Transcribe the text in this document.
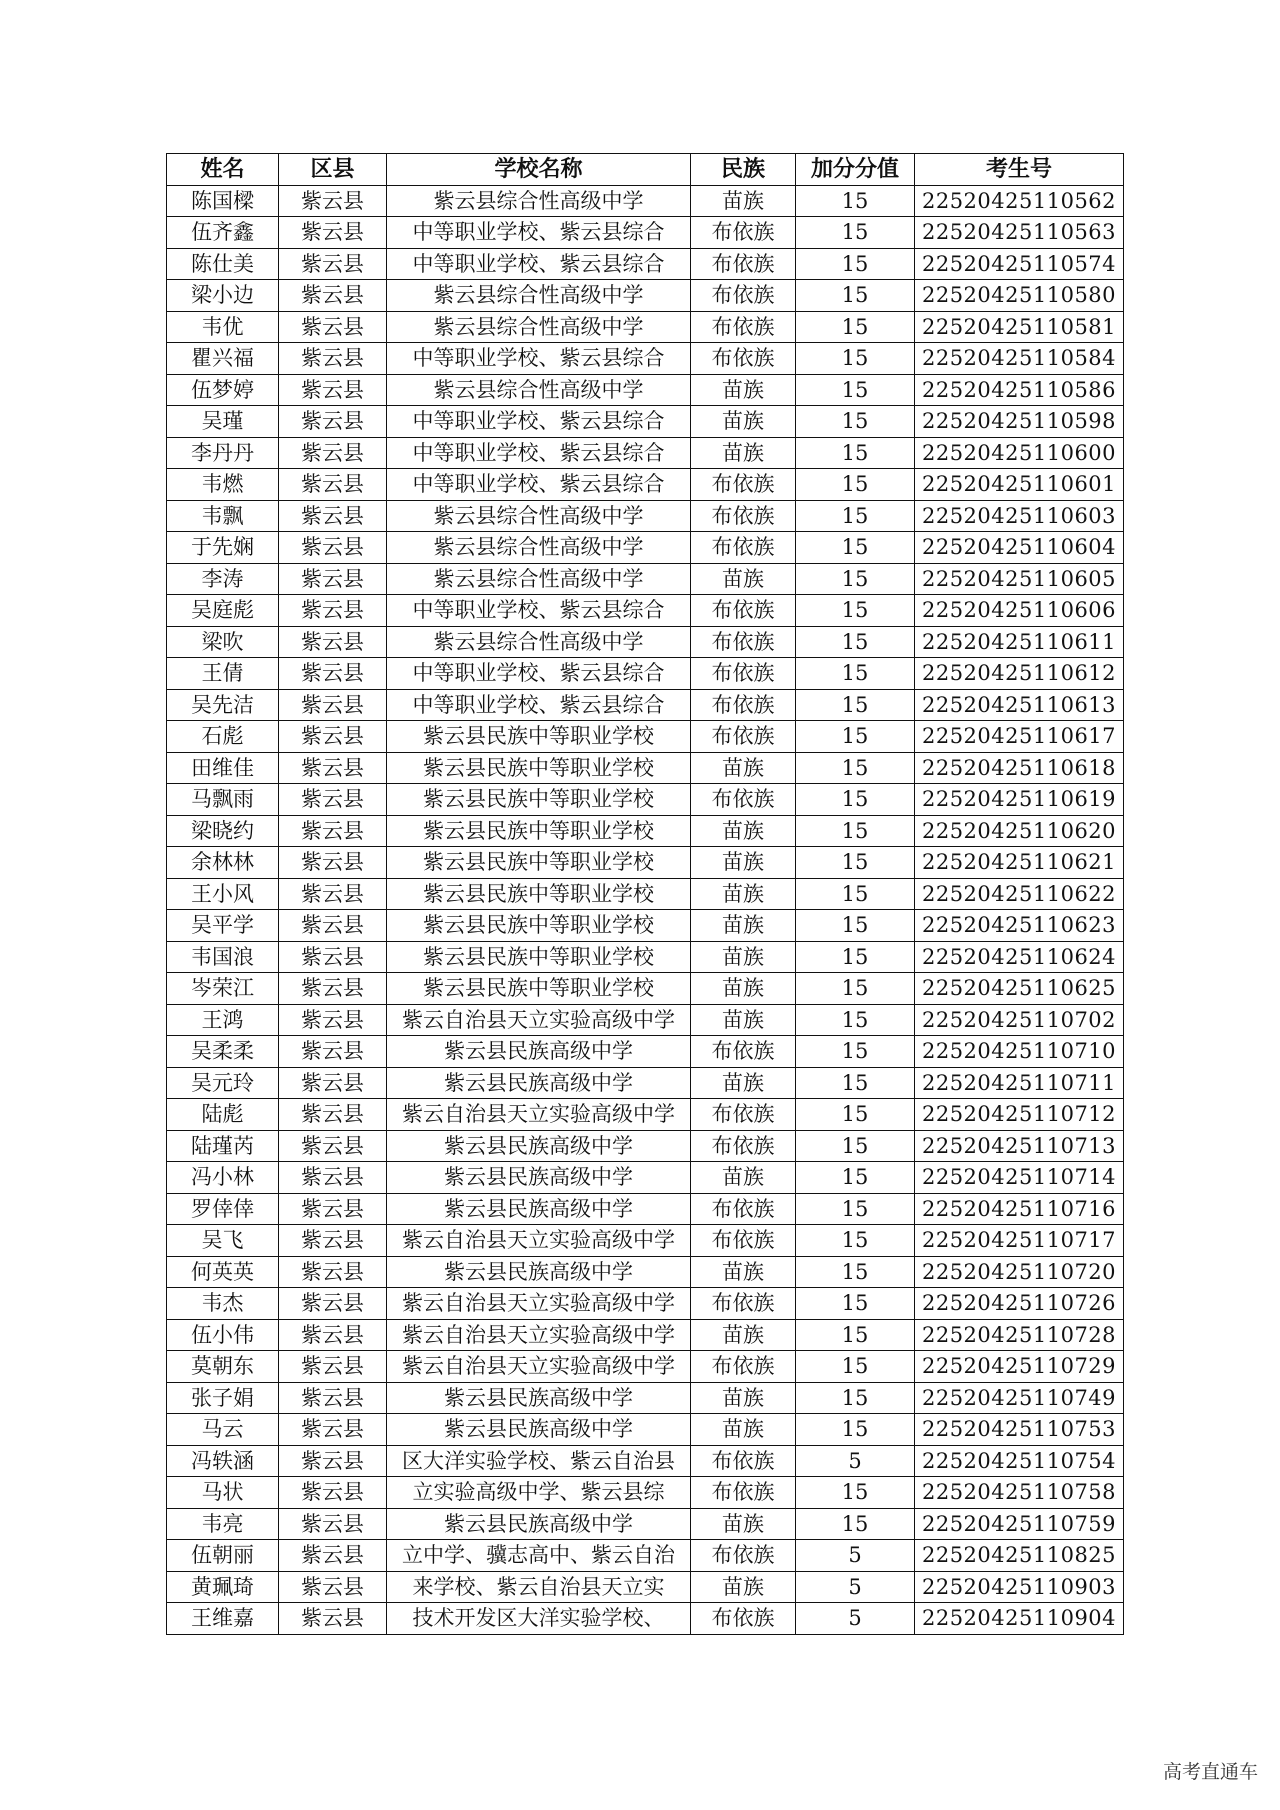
姓名	区县	学校名称	民族	加分分值	考生号
陈国樑	紫云县	紫云县综合性高级中学	苗族	15	22520425110562
伍齐鑫	紫云县	中等职业学校、紫云县综合	布依族	15	22520425110563
陈仕美	紫云县	中等职业学校、紫云县综合	布依族	15	22520425110574
梁小边	紫云县	紫云县综合性高级中学	布依族	15	22520425110580
韦优	紫云县	紫云县综合性高级中学	布依族	15	22520425110581
瞿兴福	紫云县	中等职业学校、紫云县综合	布依族	15	22520425110584
伍梦婷	紫云县	紫云县综合性高级中学	苗族	15	22520425110586
吴瑾	紫云县	中等职业学校、紫云县综合	苗族	15	22520425110598
李丹丹	紫云县	中等职业学校、紫云县综合	苗族	15	22520425110600
韦燃	紫云县	中等职业学校、紫云县综合	布依族	15	22520425110601
韦飘	紫云县	紫云县综合性高级中学	布依族	15	22520425110603
于先娴	紫云县	紫云县综合性高级中学	布依族	15	22520425110604
李涛	紫云县	紫云县综合性高级中学	苗族	15	22520425110605
吴庭彪	紫云县	中等职业学校、紫云县综合	布依族	15	22520425110606
梁吹	紫云县	紫云县综合性高级中学	布依族	15	22520425110611
王倩	紫云县	中等职业学校、紫云县综合	布依族	15	22520425110612
吴先洁	紫云县	中等职业学校、紫云县综合	布依族	15	22520425110613
石彪	紫云县	紫云县民族中等职业学校	布依族	15	22520425110617
田维佳	紫云县	紫云县民族中等职业学校	苗族	15	22520425110618
马飘雨	紫云县	紫云县民族中等职业学校	布依族	15	22520425110619
梁晓约	紫云县	紫云县民族中等职业学校	苗族	15	22520425110620
余林林	紫云县	紫云县民族中等职业学校	苗族	15	22520425110621
王小风	紫云县	紫云县民族中等职业学校	苗族	15	22520425110622
吴平学	紫云县	紫云县民族中等职业学校	苗族	15	22520425110623
韦国浪	紫云县	紫云县民族中等职业学校	苗族	15	22520425110624
岑荣江	紫云县	紫云县民族中等职业学校	苗族	15	22520425110625
王鸿	紫云县	紫云自治县天立实验高级中学	苗族	15	22520425110702
吴柔柔	紫云县	紫云县民族高级中学	布依族	15	22520425110710
吴元玲	紫云县	紫云县民族高级中学	苗族	15	22520425110711
陆彪	紫云县	紫云自治县天立实验高级中学	布依族	15	22520425110712
陆瑾芮	紫云县	紫云县民族高级中学	布依族	15	22520425110713
冯小林	紫云县	紫云县民族高级中学	苗族	15	22520425110714
罗倖倖	紫云县	紫云县民族高级中学	布依族	15	22520425110716
吴飞	紫云县	紫云自治县天立实验高级中学	布依族	15	22520425110717
何英英	紫云县	紫云县民族高级中学	苗族	15	22520425110720
韦杰	紫云县	紫云自治县天立实验高级中学	布依族	15	22520425110726
伍小伟	紫云县	紫云自治县天立实验高级中学	苗族	15	22520425110728
莫朝东	紫云县	紫云自治县天立实验高级中学	布依族	15	22520425110729
张子娟	紫云县	紫云县民族高级中学	苗族	15	22520425110749
马云	紫云县	紫云县民族高级中学	苗族	15	22520425110753
冯轶涵	紫云县	区大洋实验学校、紫云自治县	布依族	5	22520425110754
马状	紫云县	立实验高级中学、紫云县综	布依族	15	22520425110758
韦亮	紫云县	紫云县民族高级中学	苗族	15	22520425110759
伍朝丽	紫云县	立中学、骥志高中、紫云自治	布依族	5	22520425110825
黄珮琦	紫云县	来学校、紫云自治县天立实	苗族	5	22520425110903
王维嘉	紫云县	技术开发区大洋实验学校、	布依族	5	22520425110904
高考直通车
